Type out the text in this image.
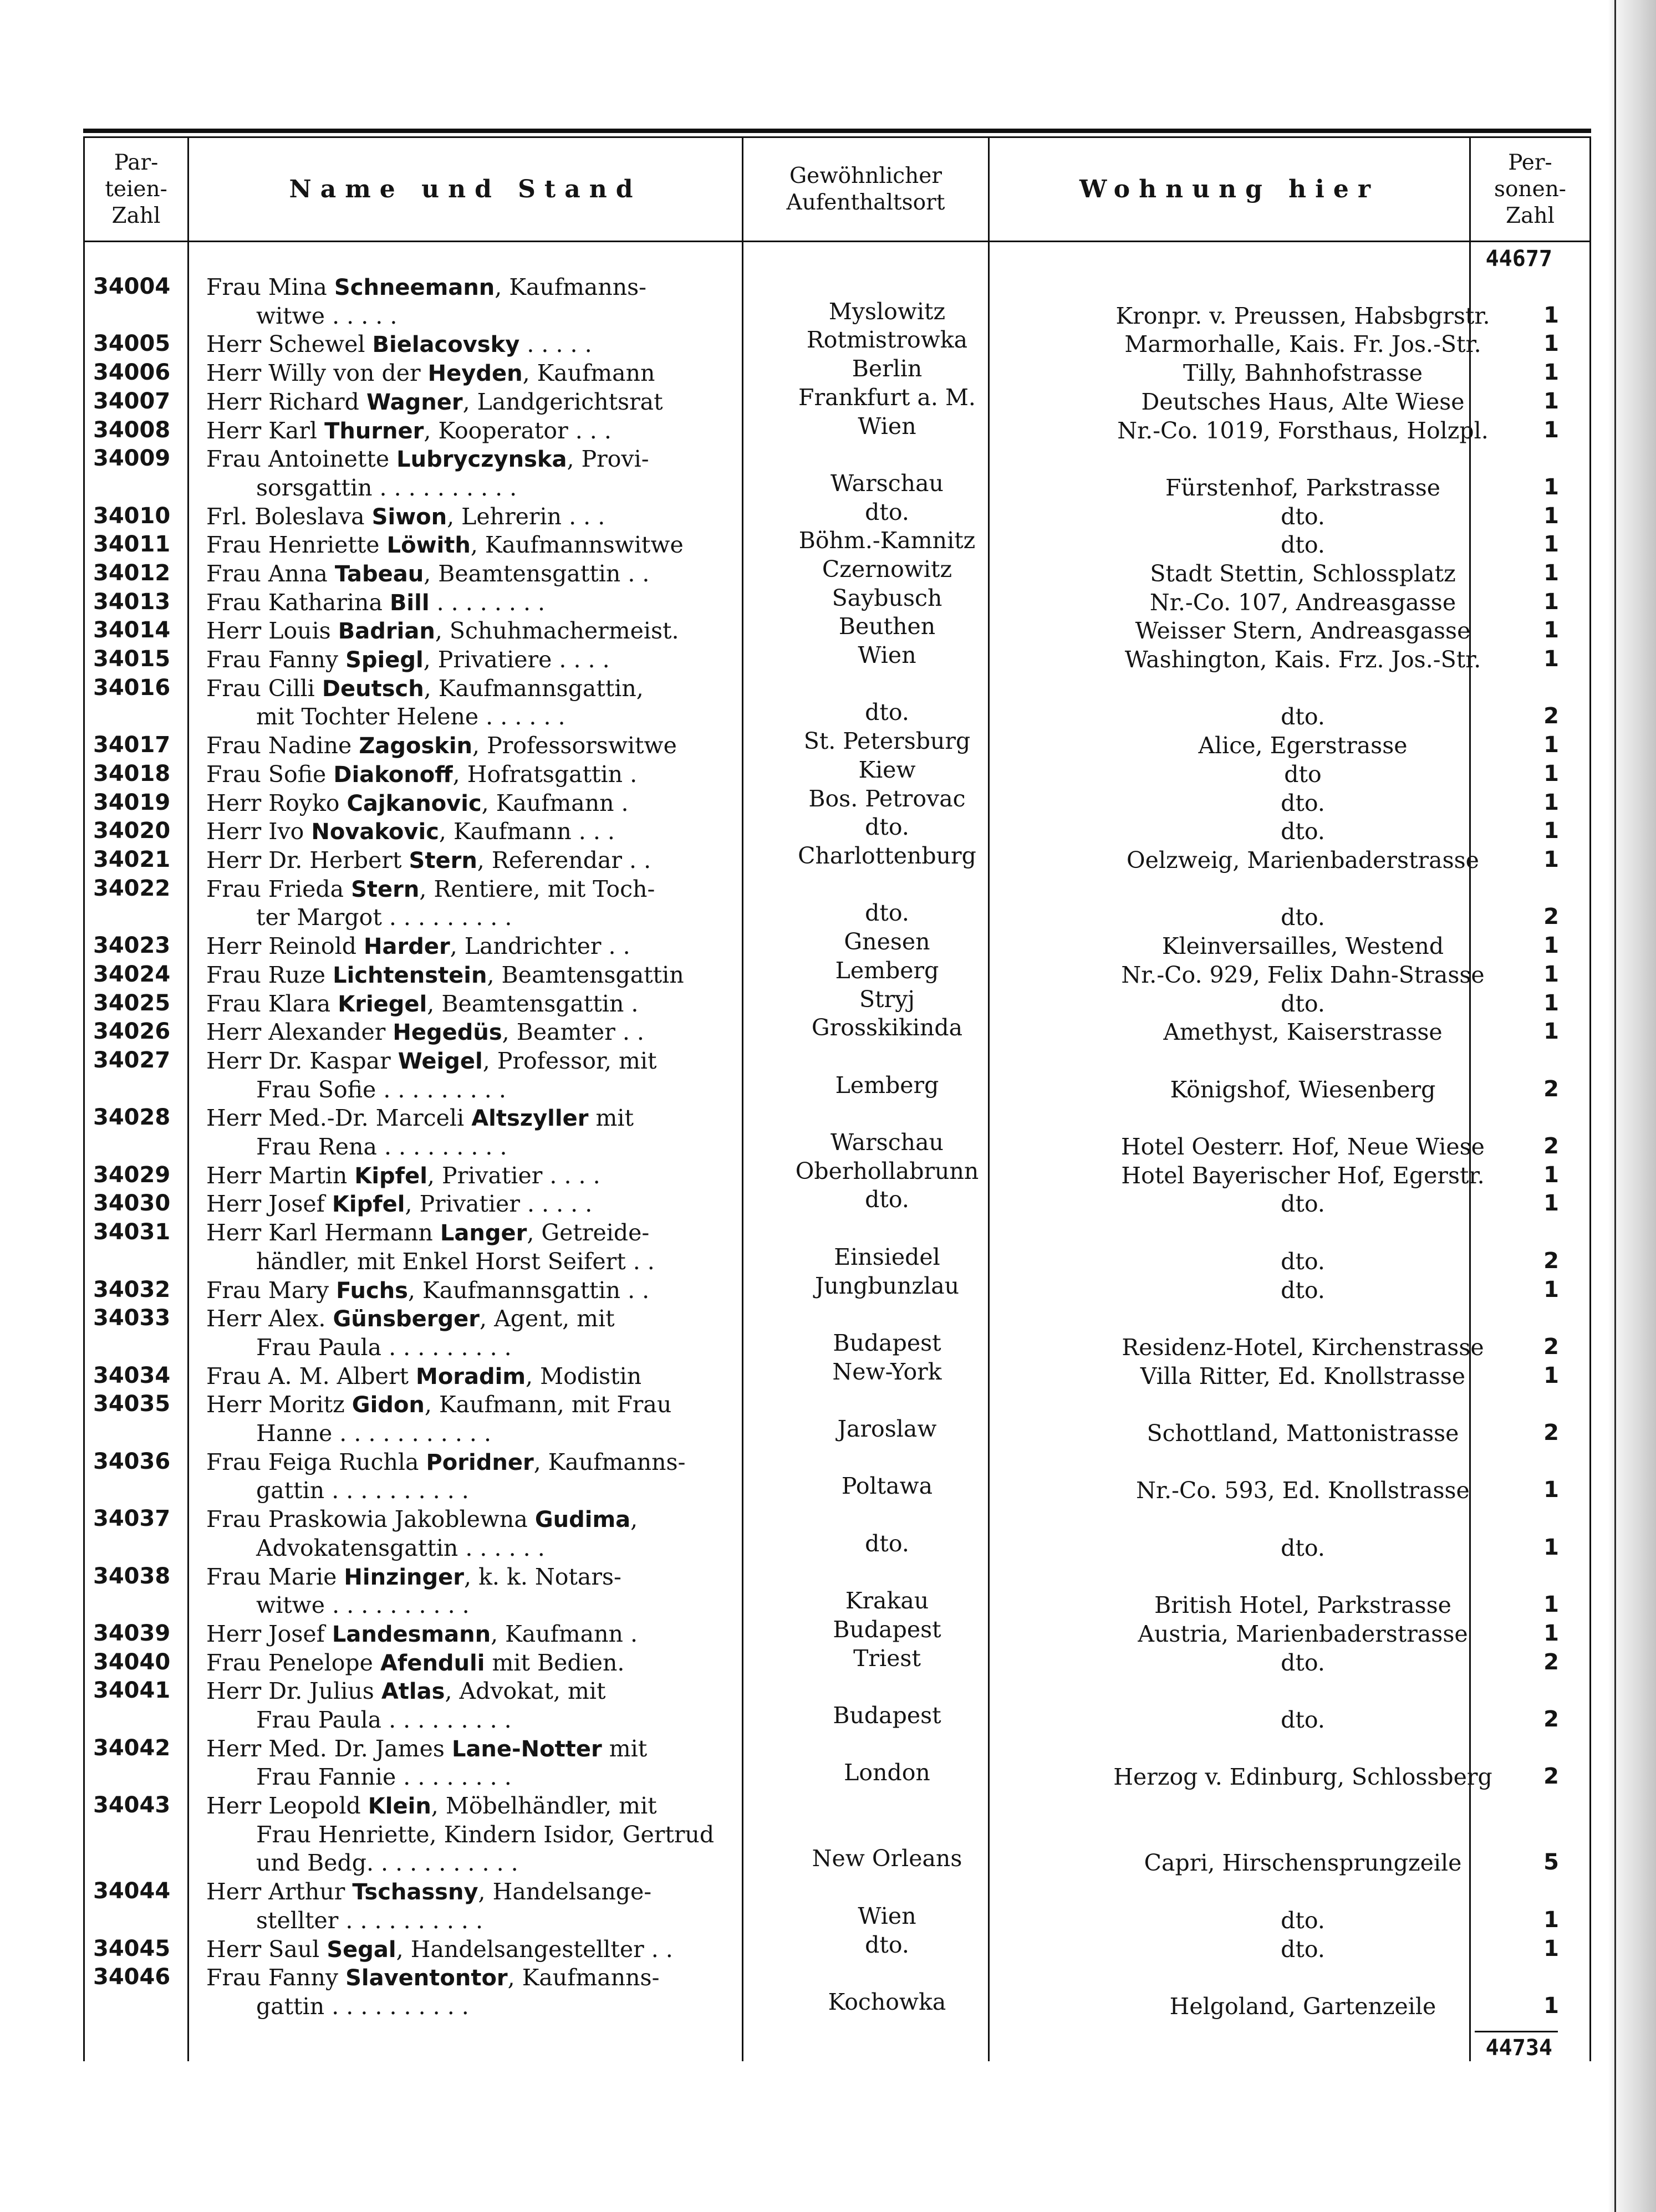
Par-
teien-
Zahl
Name und Stand	Gewöhnlicher
Aufenthaltsort	Wohnung hier
Per-
sonen-
Zahl
44677
34004 Frau Mina Schneemann, Kaufmanns-
witwe . . . . .	Myslowitz	Kronpr. v. Preussen, Habsbgrstr.	1
34005 Herr Schewel Bielacovsky . . . . .	Rotmistrowka	Marmorhalle, Kais. Fr. Jos.-Str.	1
34006 Herr Willy von der Heyden, Kaufmann	Berlin	Tilly, Bahnhofstrasse	1
34007 Herr Richard Wagner, Landgerichtsrat	Frankfurt a. M.	Deutsches Haus, Alte Wiese	1
34008 Herr Karl Thurner, Kooperator . . .	Wien	Nr.-Co. 1019, Forsthaus, Holzpl.	1
34009 Frau Antoinette Lubryczynska, Provi-
sorsgattin . . . . . . . . . .	Warschau	Fürstenhof, Parkstrasse	1
34010 Frl. Boleslava Siwon, Lehrerin . . .	dto.	dto.	1
34011 Frau Henriette Löwith, Kaufmannswitwe	Böhm.-Kamnitz	dto.	1
34012 Frau Anna Tabeau, Beamtensgattin . .	Czernowitz	Stadt Stettin, Schlossplatz	1
34013 Frau Katharina Bill . . . . . . . .	Saybusch	Nr.-Co. 107, Andreasgasse	1
34014 Herr Louis Badrian, Schuhmachermeist.	Beuthen	Weisser Stern, Andreasgasse	1
34015 Frau Fanny Spiegl, Privatiere . . . .	Wien	Washington, Kais. Frz. Jos.-Str.	1
34016 Frau Cilli Deutsch, Kaufmannsgattin,
mit Tochter Helene . . . . . .	dto.	dto.	2
34017 Frau Nadine Zagoskin, Professorswitwe	St. Petersburg	Alice, Egerstrasse	1
34018 Frau Sofie Diakonoff, Hofratsgattin .	Kiew	dto	1
34019 Herr Royko Cajkanovic, Kaufmann .	Bos. Petrovac	dto.	1
34020 Herr Ivo Novakovic, Kaufmann . . .	dto.	dto.	1
34021 Herr Dr. Herbert Stern, Referendar . .	Charlottenburg	Oelzweig, Marienbaderstrasse	1
34022 Frau Frieda Stern, Rentiere, mit Toch-
ter Margot . . . . . . . . .	dto.	dto.	2
34023 Herr Reinold Harder, Landrichter . .	Gnesen	Kleinversailles, Westend	1
34024 Frau Ruze Lichtenstein, Beamtensgattin	Lemberg	Nr.-Co. 929, Felix Dahn-Strasse	1
34025 Frau Klara Kriegel, Beamtensgattin .	Stryj	dto.	1
34026 Herr Alexander Hegedüs, Beamter . .	Grosskikinda	Amethyst, Kaiserstrasse	1
34027 Herr Dr. Kaspar Weigel, Professor, mit
Frau Sofie . . . . . . . . .	Lemberg	Königshof, Wiesenberg	2
34028 Herr Med.-Dr. Marceli Altszyller mit
Frau Rena . . . . . . . . .	Warschau	Hotel Oesterr. Hof, Neue Wiese	2
34029 Herr Martin Kipfel, Privatier . . . .	Oberhollabrunn	Hotel Bayerischer Hof, Egerstr.	1
34030 Herr Josef Kipfel, Privatier . . . . .	dto.	dto.	1
34031 Herr Karl Hermann Langer, Getreide-
händler, mit Enkel Horst Seifert . .	Einsiedel	dto.	2
34032 Frau Mary Fuchs, Kaufmannsgattin . .	Jungbunzlau	dto.	1
34033 Herr Alex. Günsberger, Agent, mit
Frau Paula . . . . . . . . .	Budapest	Residenz-Hotel, Kirchenstrasse	2
34034 Frau A. M. Albert Moradim, Modistin	New-York	Villa Ritter, Ed. Knollstrasse	1
34035 Herr Moritz Gidon, Kaufmann, mit Frau
Hanne . . . . . . . . . . .	Jaroslaw	Schottland, Mattonistrasse	2
34036 Frau Feiga Ruchla Poridner, Kaufmanns-
gattin . . . . . . . . . .	Poltawa	Nr.-Co. 593, Ed. Knollstrasse	1
34037 Frau Praskowia Jakoblewna Gudima,
Advokatensgattin . . . . . .	dto.	dto.	1
34038 Frau Marie Hinzinger, k. k. Notars-
witwe . . . . . . . . . .	Krakau	British Hotel, Parkstrasse	1
34039 Herr Josef Landesmann, Kaufmann .	Budapest	Austria, Marienbaderstrasse	1
34040 Frau Penelope Afenduli mit Bedien.	Triest	dto.	2
34041 Herr Dr. Julius Atlas, Advokat, mit
Frau Paula . . . . . . . . .	Budapest	dto.	2
34042 Herr Med. Dr. James Lane-Notter mit
Frau Fannie . . . . . . . .	London	Herzog v. Edinburg, Schlossberg	2
34043 Herr Leopold Klein, Möbelhändler, mit
Frau Henriette, Kindern Isidor, Gertrud
und Bedg. . . . . . . . . . .	New Orleans	Capri, Hirschensprungzeile	5
34044 Herr Arthur Tschassny, Handelsange-
stellter . . . . . . . . . .	Wien	dto.	1
34045 Herr Saul Segal, Handelsangestellter . .	dto.	dto.	1
34046 Frau Fanny Slaventontor, Kaufmanns-
gattin . . . . . . . . . .	Kochowka	Helgoland, Gartenzeile	1
44734
